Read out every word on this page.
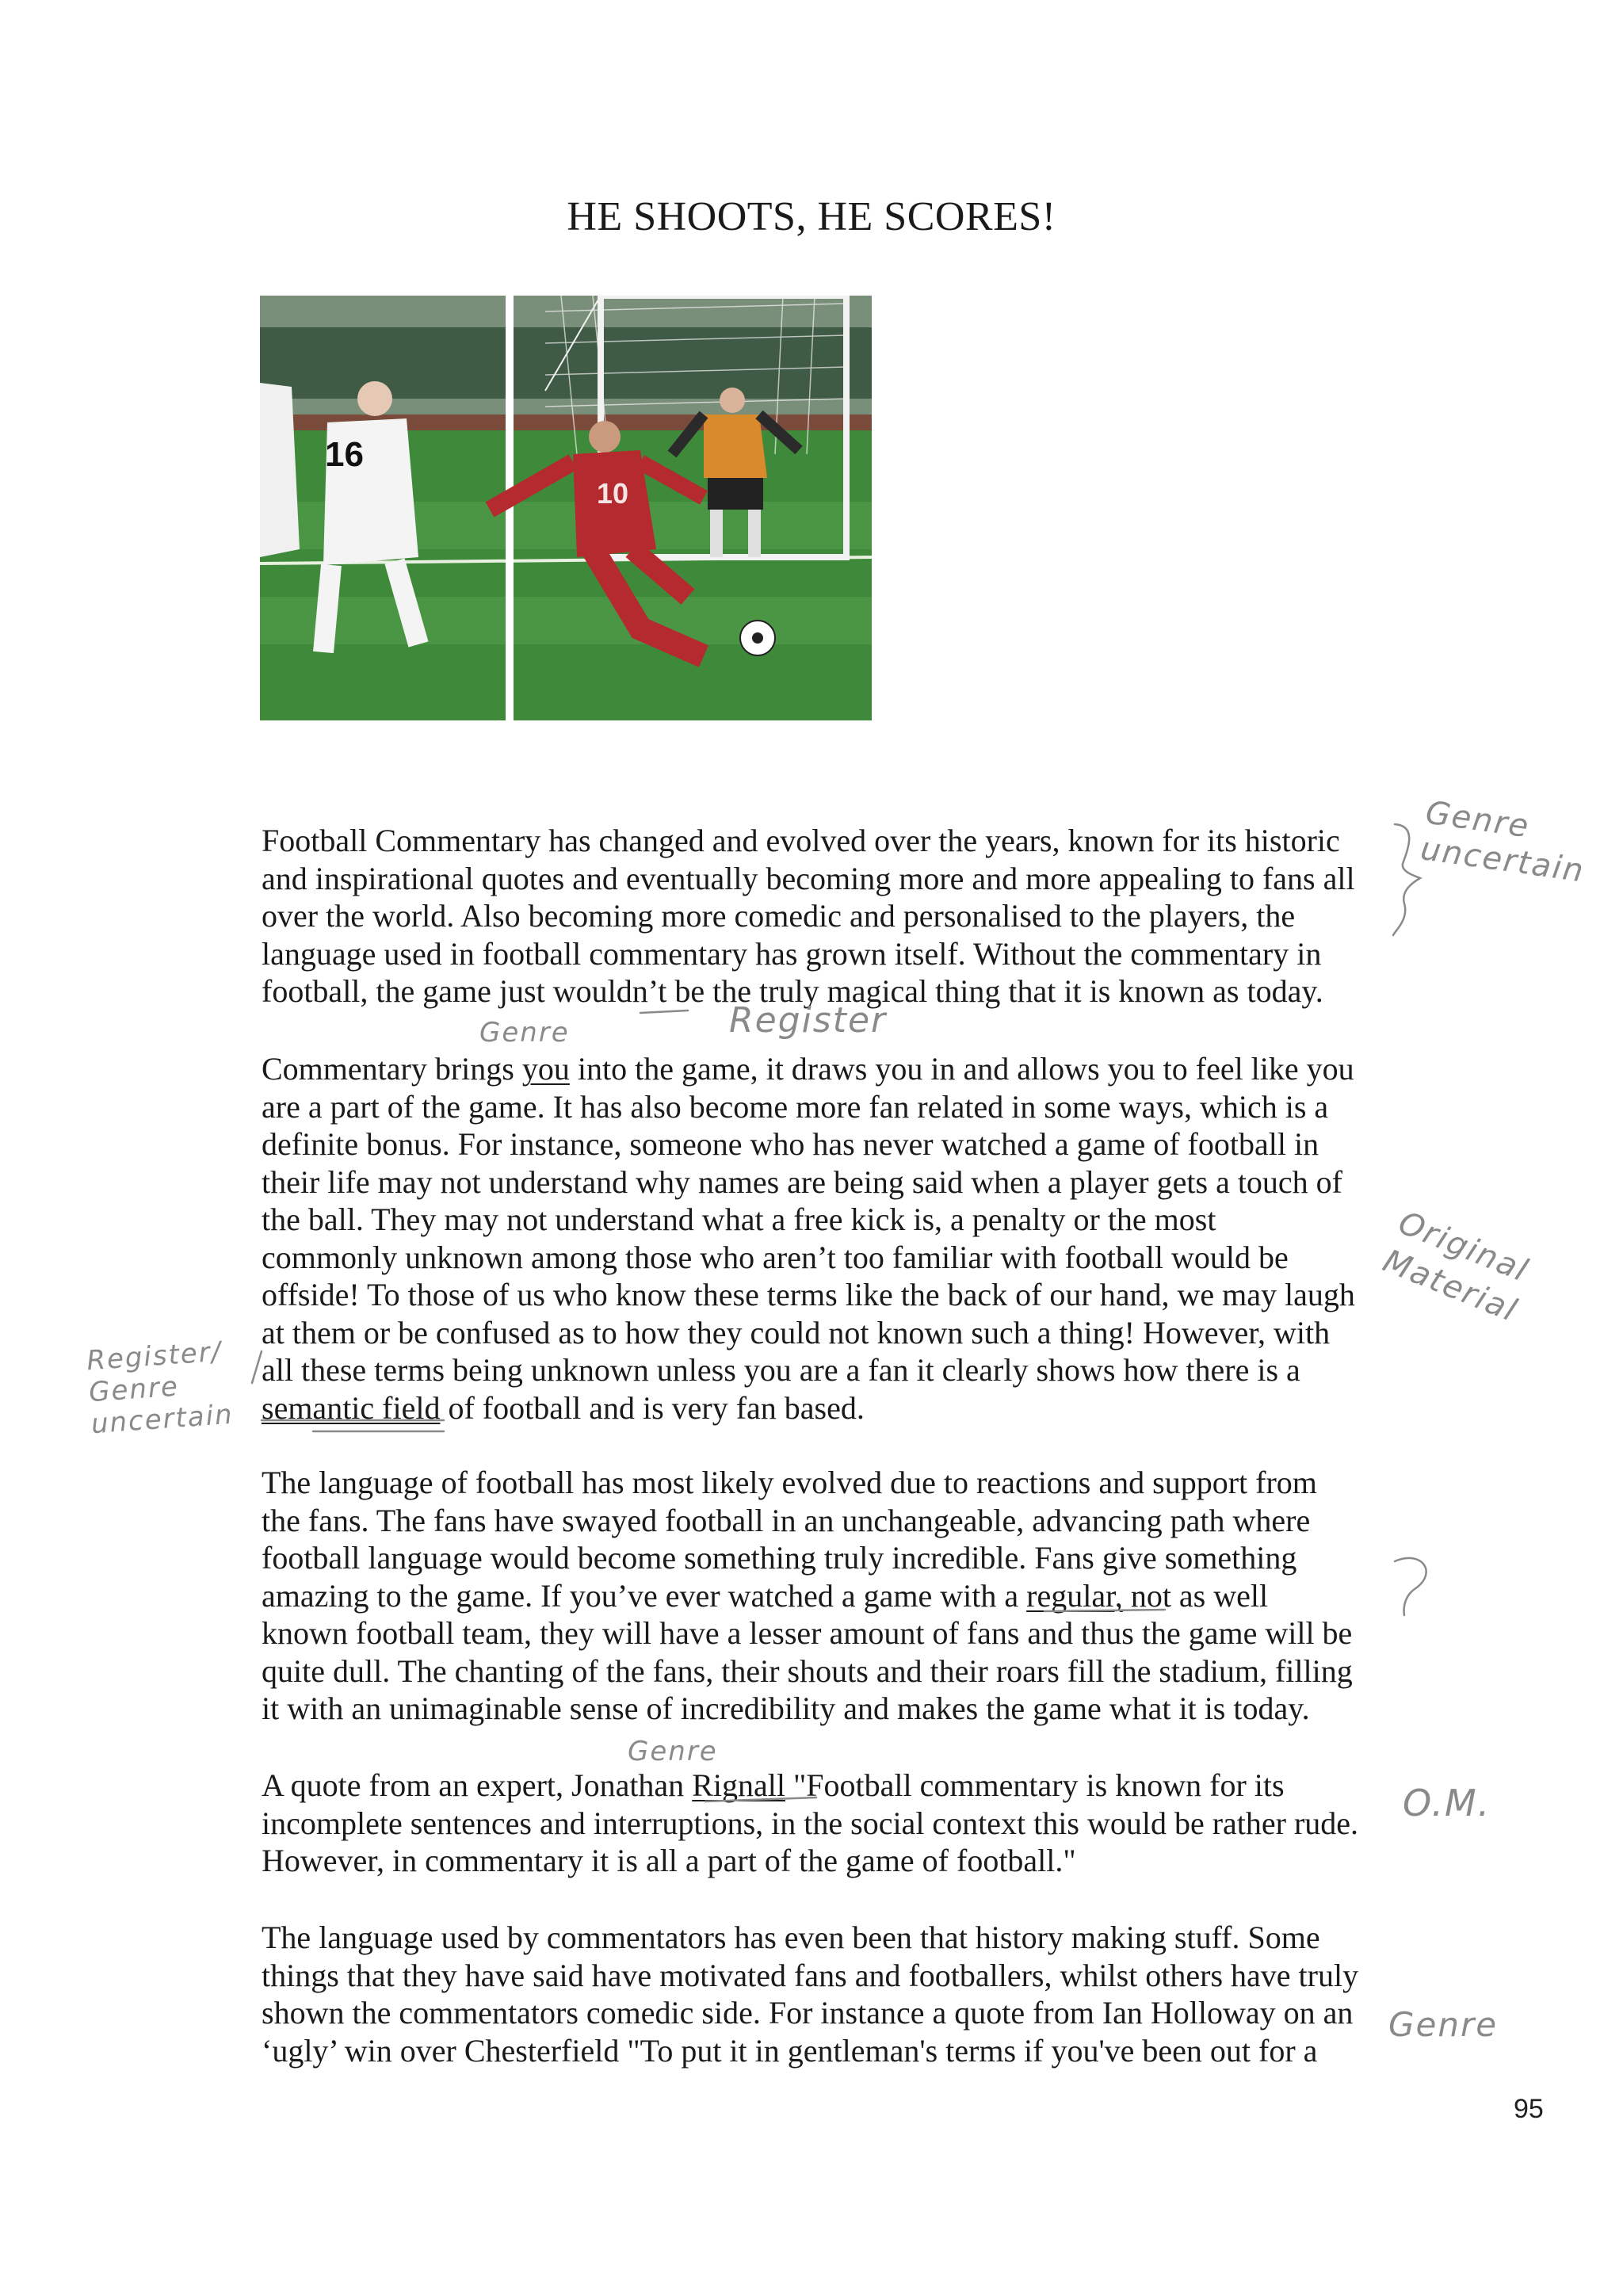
HE SHOOTS, HE SCORES!
10
16
Football Commentary has changed and evolved over the years, known for its historic
and inspirational quotes and eventually becoming more and more appealing to fans all
over the world. Also becoming more comedic and personalised to the players, the
language used in football commentary has grown itself. Without the commentary in
football, the game just wouldn’t be the truly magical thing that it is known as today.
Commentary brings you into the game, it draws you in and allows you to feel like you
are a part of the game. It has also become more fan related in some ways, which is a
definite bonus. For instance, someone who has never watched a game of football in
their life may not understand why names are being said when a player gets a touch of
the ball. They may not understand what a free kick is, a penalty or the most
commonly unknown among those who aren’t too familiar with football would be
offside! To those of us who know these terms like the back of our hand, we may laugh
at them or be confused as to how they could not known such a thing! However, with
all these terms being unknown unless you are a fan it clearly shows how there is a
semantic field of football and is very fan based.
The language of football has most likely evolved due to reactions and support from
the fans. The fans have swayed football in an unchangeable, advancing path where
football language would become something truly incredible. Fans give something
amazing to the game. If you’ve ever watched a game with a regular, not as well
known football team, they will have a lesser amount of fans and thus the game will be
quite dull. The chanting of the fans, their shouts and their roars fill the stadium, filling
it with an unimaginable sense of incredibility and makes the game what it is today.
A quote from an expert, Jonathan Rignall "Football commentary is known for its
incomplete sentences and interruptions, in the social context this would be rather rude.
However, in commentary it is all a part of the game of football."
The language used by commentators has even been that history making stuff. Some
things that they have said have motivated fans and footballers, whilst others have truly
shown the commentators comedic side. For instance a quote from Ian Holloway on an
‘ugly’ win over Chesterfield "To put it in gentleman's terms if you've been out for a
Genre uncertain
Genre	Register
Original Material
Register/ Genre uncertain
Genre
O.M.
Genre
95
